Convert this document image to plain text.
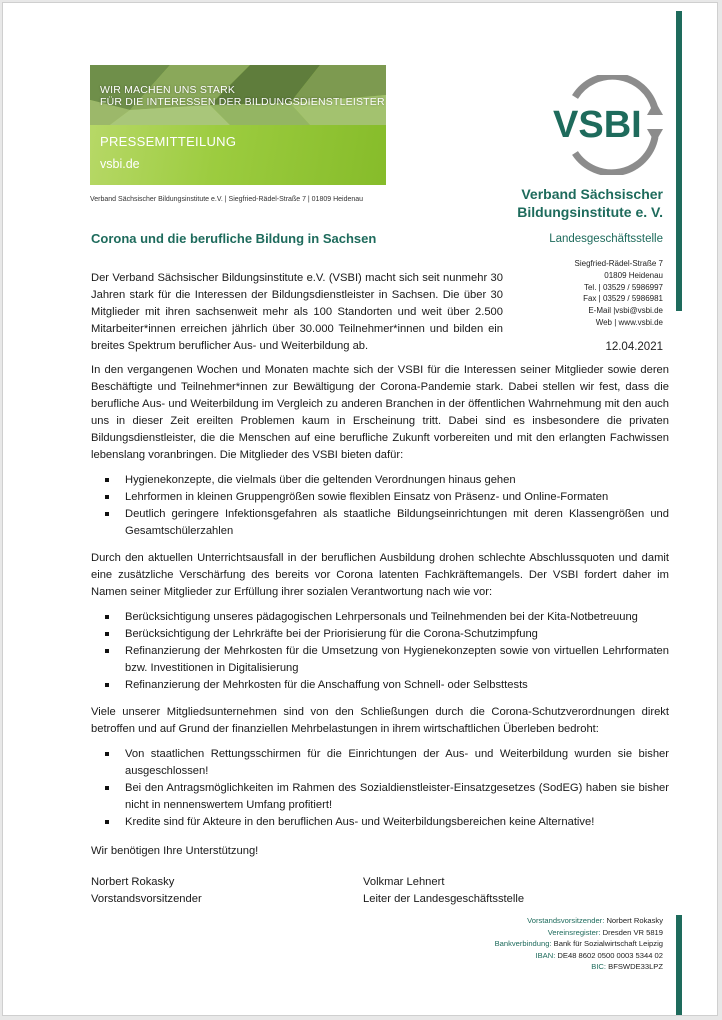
WIR MACHEN UNS STARK
FÜR DIE INTERESSEN DER BILDUNGSDIENSTLEISTER
PRESSEMITTEILUNG
vsbi.de
Verband Sächsischer Bildungsinstitute e.V. | Siegfried-Rädel-Straße 7 | 01809 Heidenau
VSBI
Verband Sächsischer
Bildungsinstitute e. V.
Landesgeschäftsstelle
Siegfried-Rädel-Straße 7
01809 Heidenau
Tel. | 03529 / 5986997
Fax | 03529 / 5986981
E-Mail |vsbi@vsbi.de
Web | www.vsbi.de
12.04.2021
Corona und die berufliche Bildung in Sachsen

Der Verband Sächsischer Bildungsinstitute e.V. (VSBI) macht sich seit nunmehr 30 Jahren stark für die Interessen der Bildungsdienstleister in Sachsen. Die über 30 Mitglieder mit ihren sachsenweit mehr als 100 Standorten und weit über 2.500 Mitarbeiter*innen erreichen jährlich über 30.000 Teilnehmer*innen und bilden ein breites Spektrum beruflicher Aus- und Weiterbildung ab.

In den vergangenen Wochen und Monaten machte sich der VSBI für die Interessen seiner Mitglieder sowie deren Beschäftigte und Teilnehmer*innen zur Bewältigung der Corona-Pandemie stark. Dabei stellen wir fest, dass die berufliche Aus- und Weiterbildung im Vergleich zu anderen Branchen in der öffentlichen Wahrnehmung mit den auch uns in dieser Zeit ereilten Problemen kaum in Erscheinung tritt. Dabei sind es insbesondere die privaten Bildungsdienstleister, die die Menschen auf eine berufliche Zukunft vorbereiten und mit den erlangten Fachwissen lebenslang voranbringen. Die Mitglieder des VSBI bieten dafür:

Hygienekonzepte, die vielmals über die geltenden Verordnungen hinaus gehen
Lehrformen in kleinen Gruppengrößen sowie flexiblen Einsatz von Präsenz- und Online-Formaten
Deutlich geringere Infektionsgefahren als staatliche Bildungseinrichtungen mit deren Klassengrößen und Gesamtschülerzahlen

Durch den aktuellen Unterrichtsausfall in der beruflichen Ausbildung drohen schlechte Abschlussquoten und damit eine zusätzliche Verschärfung des bereits vor Corona latenten Fachkräftemangels. Der VSBI fordert daher im Namen seiner Mitglieder zur Erfüllung ihrer sozialen Verantwortung nach wie vor:

Berücksichtigung unseres pädagogischen Lehrpersonals und Teilnehmenden bei der Kita-Notbetreuung
Berücksichtigung der Lehrkräfte bei der Priorisierung für die Corona-Schutzimpfung
Refinanzierung der Mehrkosten für die Umsetzung von Hygienekonzepten sowie von virtuellen Lehrformaten bzw. Investitionen in Digitalisierung
Refinanzierung der Mehrkosten für die Anschaffung von Schnell- oder Selbsttests

Viele unserer Mitgliedsunternehmen sind von den Schließungen durch die Corona-Schutzverordnungen direkt betroffen und auf Grund der finanziellen Mehrbelastungen in ihrem wirtschaftlichen Überleben bedroht:

Von staatlichen Rettungsschirmen für die Einrichtungen der Aus- und Weiterbildung wurden sie bisher ausgeschlossen!
Bei den Antragsmöglichkeiten im Rahmen des Sozialdienstleister-Einsatzgesetzes (SodEG) haben sie bisher nicht in nennenswertem Umfang profitiert!
Kredite sind für Akteure in den beruflichen Aus- und Weiterbildungsbereichen keine Alternative!

Wir benötigen Ihre Unterstützung!

Norbert Rokasky
Vorstandsvorsitzender
Volkmar Lehnert
Leiter der Landesgeschäftsstelle
Vorstandsvorsitzender: Norbert Rokasky
Vereinsregister: Dresden VR 5819
Bankverbindung: Bank für Sozialwirtschaft Leipzig
IBAN: DE48 8602 0500 0003 5344 02
BIC: BFSWDE33LPZ
